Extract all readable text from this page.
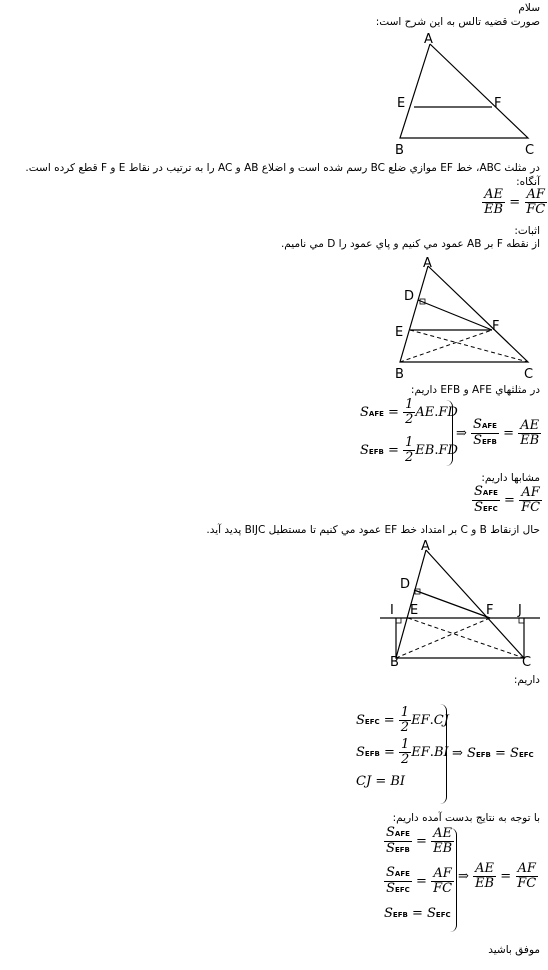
سلام
صورت قضيه تالس به اين شرح است:
A
B	C
E	F
در مثلث ABC، خط EF موازي ضلع BC رسم شده است و اضلاع AB و AC را به ترتيب در نقاط E و F قطع کرده است.
آنگاه:
$\frac{AE}{EB} = \frac{AF}{FC}$
اثبات:
از نقطه F بر AB عمود مي کنيم و پاي عمود را D مي ناميم.
A
D
E	F
B	C
در مثلثهاي AFE و EFB داريم:
SAFE = $\frac{1}{2} AE.FD$
SEFB = $\frac{1}{2} EB.FD$
⇒ $\frac{\text{SAFE}}{\text{SEFB}} = \frac{AE}{EB}$
مشابها داريم:
$\frac{\text{SAFE}}{\text{SEFC}} = \frac{AF}{FC}$
حال ازنقاط B و C بر امتداد خط EF عمود مي کنيم تا مستطيل BIJC پديد آيد.
A
D
I E	F J
B	C
داريم:
SEFC = $\frac{1}{2} EF.CJ$
SEFB = $\frac{1}{2} EF.BI$
CJ = BI
⇒ SEFB = SEFC
با توجه به نتايج بدست آمده داريم:
$\frac{\text{SAFE}}{\text{SEFB}} = \frac{AE}{EB}$
$\frac{\text{SAFE}}{\text{SEFC}} = \frac{AF}{FC}$
SEFB = SEFC
⇒ $\frac{AE}{EB} = \frac{AF}{FC}$
موفق باشيد
